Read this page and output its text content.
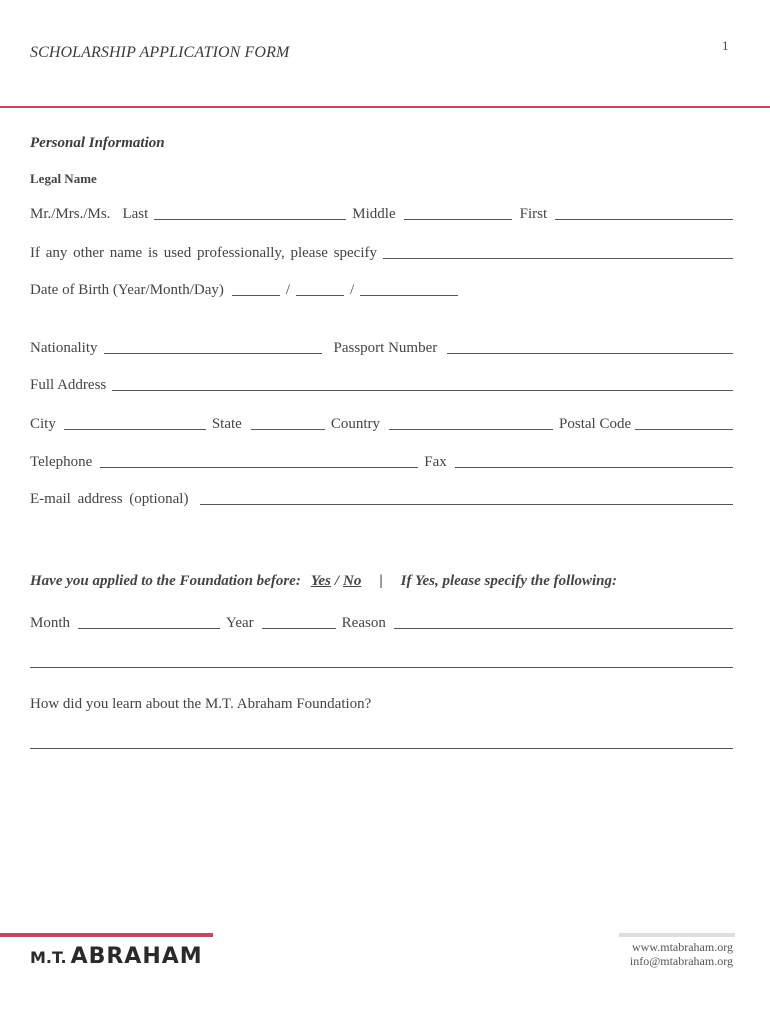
SCHOLARSHIP APPLICATION FORM	1
Personal Information
Legal Name
Mr./Mrs./Ms. Last	Middle	First
If any other name is used professionally, please specify
Date of Birth (Year/Month/Day)	/	/
Nationality	Passport Number
Full Address
City	State	Country	Postal Code
Telephone	Fax
E-mail address (optional)
Have you applied to the Foundation before: Yes / No | If Yes, please specify the following:
Month	Year	Reason
How did you learn about the M.T. Abraham Foundation?
M.T. ABRAHAM	www.mtabraham.org
info@mtabraham.org
